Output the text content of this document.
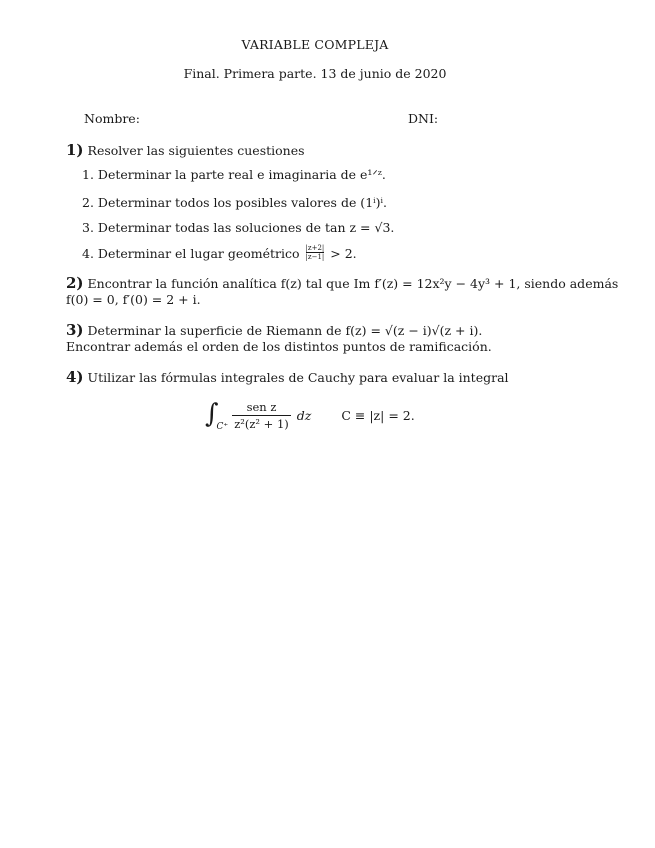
VARIABLE COMPLEJA
Final. Primera parte. 13 de junio de 2020
Nombre:	DNI:
1) Resolver las siguientes cuestiones
1. Determinar la parte real e imaginaria de e¹ᐟᶻ.
2. Determinar todos los posibles valores de (1ⁱ)ⁱ.
3. Determinar todas las soluciones de tan z = √3.
4. Determinar el lugar geométrico $\frac{|z+2|}{|z-1|} > 2$.
2) Encontrar la función analítica f(z) tal que Im f′(z) = 12x²y − 4y³ + 1, siendo además
f(0) = 0, f′(0) = 2 + i.
3) Determinar la superficie de Riemann de f(z) = √(z − i)√(z + i).
Encontrar además el orden de los distintos puntos de ramificación.
4) Utilizar las fórmulas integrales de Cauchy para evaluar la integral
∫
$C^+ \frac{\text{sen z}}{\text{z²(z² + 1)}}$ dz C ≡ |z| = 2.
